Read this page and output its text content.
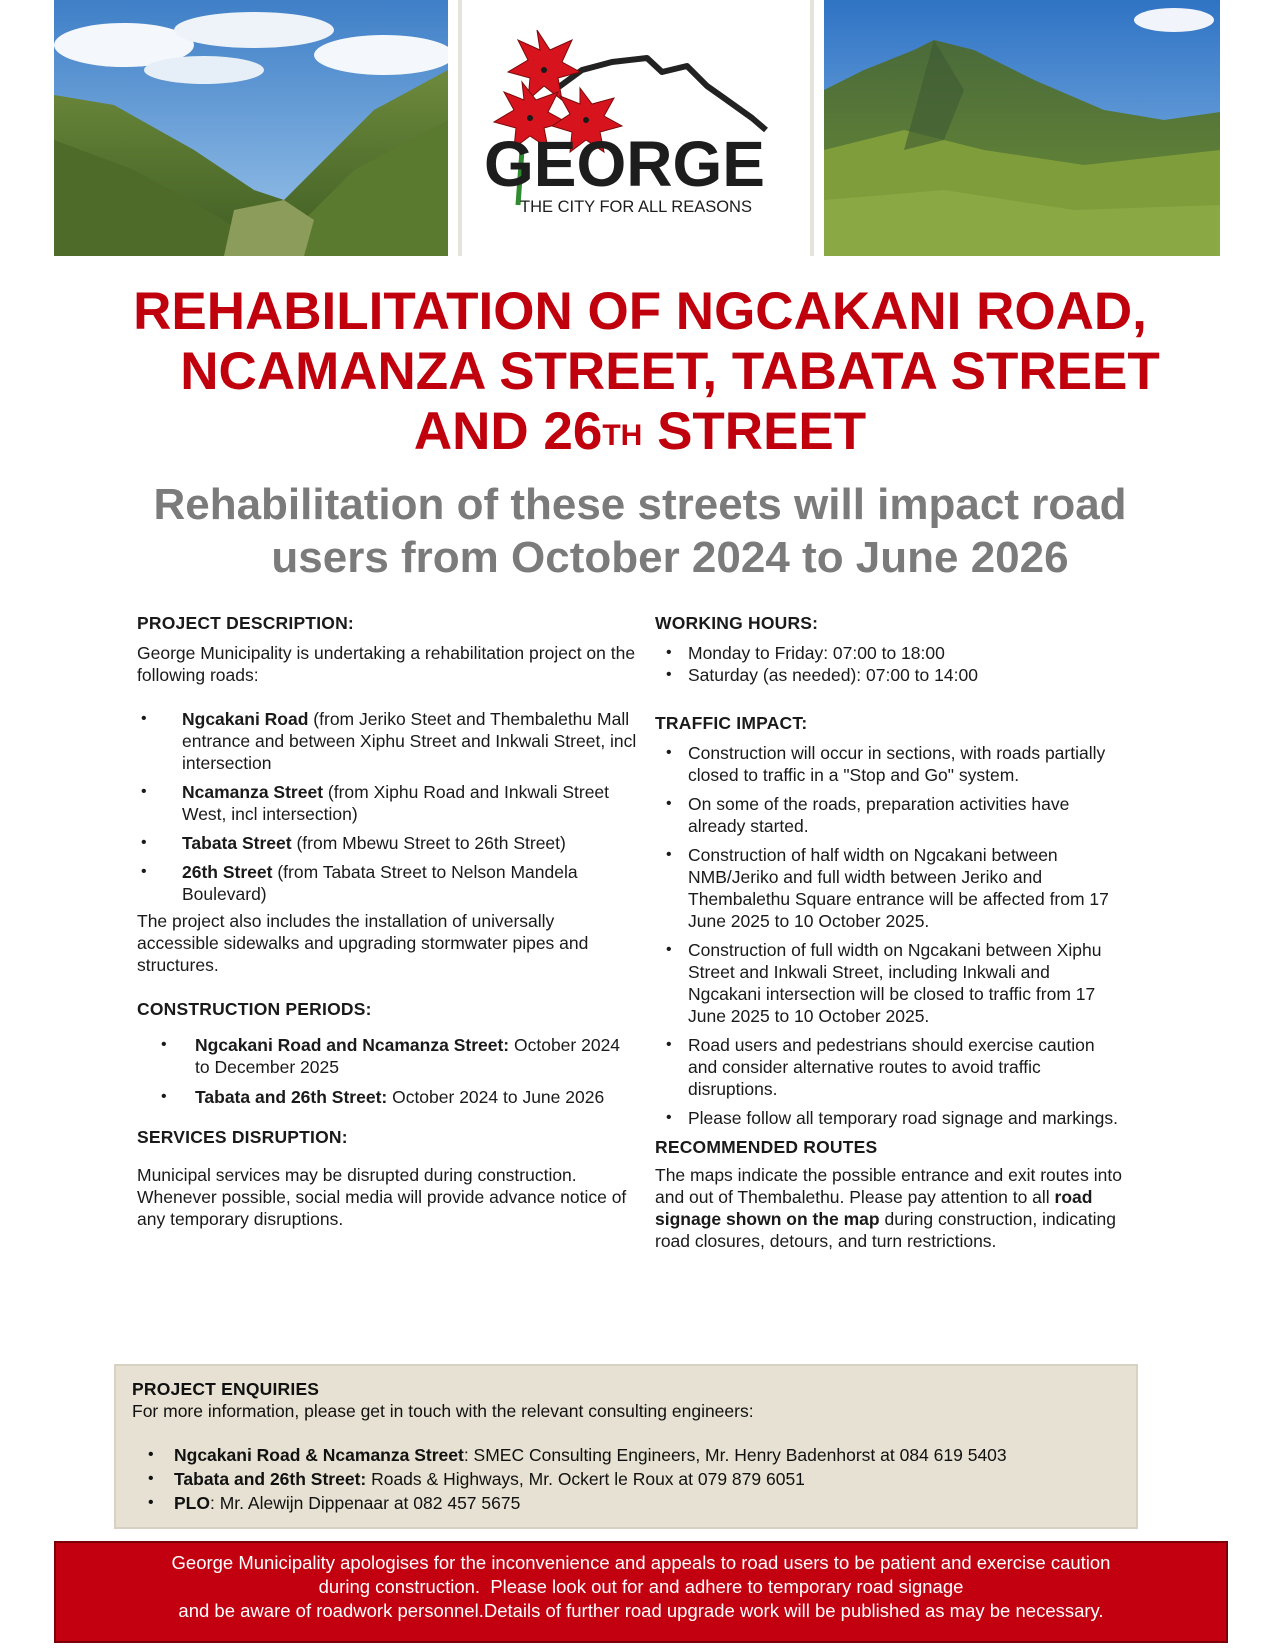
GEORGE
THE CITY FOR ALL REASONS
REHABILITATION OF NGCAKANI ROAD,
NCAMANZA STREET, TABATA STREET
AND 26TH STREET
Rehabilitation of these streets will impact road
users from October 2024 to June 2026
PROJECT DESCRIPTION:

George Municipality is undertaking a rehabilitation project on the following roads:

• Ngcakani Road (from Jeriko Steet and Thembalethu Mall entrance and between Xiphu Street and Inkwali Street, incl intersection
• Ncamanza Street (from Xiphu Road and Inkwali Street West, incl intersection)
• Tabata Street (from Mbewu Street to 26th Street)
• 26th Street (from Tabata Street to Nelson Mandela Boulevard)

The project also includes the installation of universally accessible sidewalks and upgrading stormwater pipes and structures.

CONSTRUCTION PERIODS:
• Ngcakani Road and Ncamanza Street: October 2024 to December 2025
• Tabata and 26th Street: October 2024 to June 2026
SERVICES DISRUPTION:

Municipal services may be disrupted during construction. Whenever possible, social media will provide advance notice of any temporary disruptions.

WORKING HOURS:
• Monday to Friday: 07:00 to 18:00
• Saturday (as needed): 07:00 to 14:00
TRAFFIC IMPACT:
• Construction will occur in sections, with roads partially closed to traffic in a "Stop and Go" system.
• On some of the roads, preparation activities have already started.
• Construction of half width on Ngcakani between NMB/Jeriko and full width between Jeriko and Thembalethu Square entrance will be affected from 17 June 2025 to 10 October 2025.
• Construction of full width on Ngcakani between Xiphu Street and Inkwali Street, including Inkwali and Ngcakani intersection will be closed to traffic from 17 June 2025 to 10 October 2025.
• Road users and pedestrians should exercise caution and consider alternative routes to avoid traffic disruptions.
• Please follow all temporary road signage and markings.
RECOMMENDED ROUTES

The maps indicate the possible entrance and exit routes into and out of Thembalethu. Please pay attention to all road signage shown on the map during construction, indicating road closures, detours, and turn restrictions.

PROJECT ENQUIRIES

For more information, please get in touch with the relevant consulting engineers:

• Ngcakani Road & Ncamanza Street: SMEC Consulting Engineers, Mr. Henry Badenhorst at 084 619 5403
• Tabata and 26th Street: Roads & Highways, Mr. Ockert le Roux at 079 879 6051
• PLO: Mr. Alewijn Dippenaar at 082 457 5675
George Municipality apologises for the inconvenience and appeals to road users to be patient and exercise caution
during construction.  Please look out for and adhere to temporary road signage
and be aware of roadwork personnel.Details of further road upgrade work will be published as may be necessary.
